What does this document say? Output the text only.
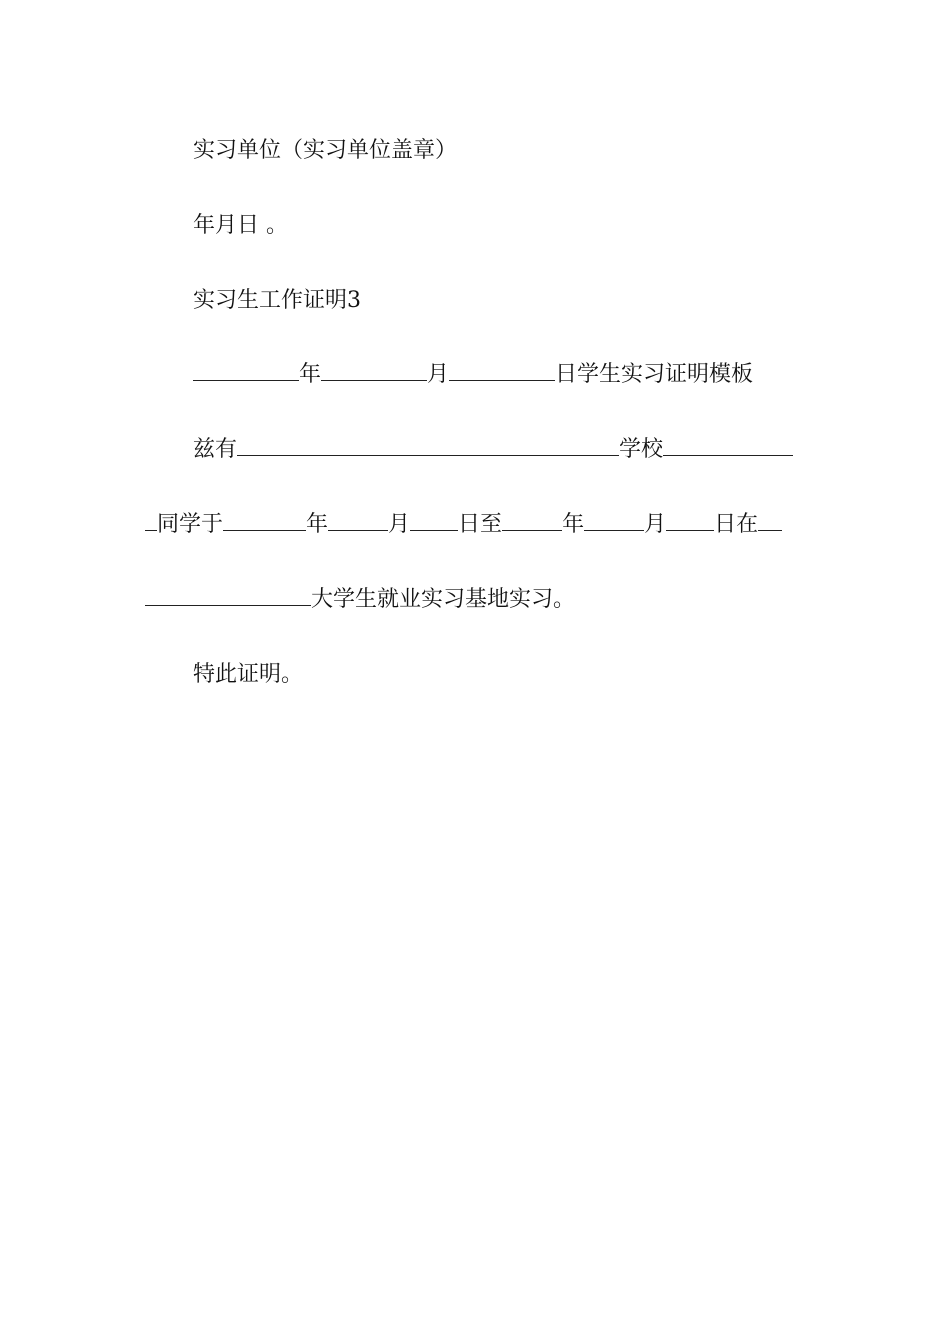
实习单位（实习单位盖章）
年月日 。
实习生工作证明3
年	月	日学生实习证明模板
兹有	学校
同学于	年	月 日至	年	月 日在
大学生就业实习基地实习。
特此证明。
